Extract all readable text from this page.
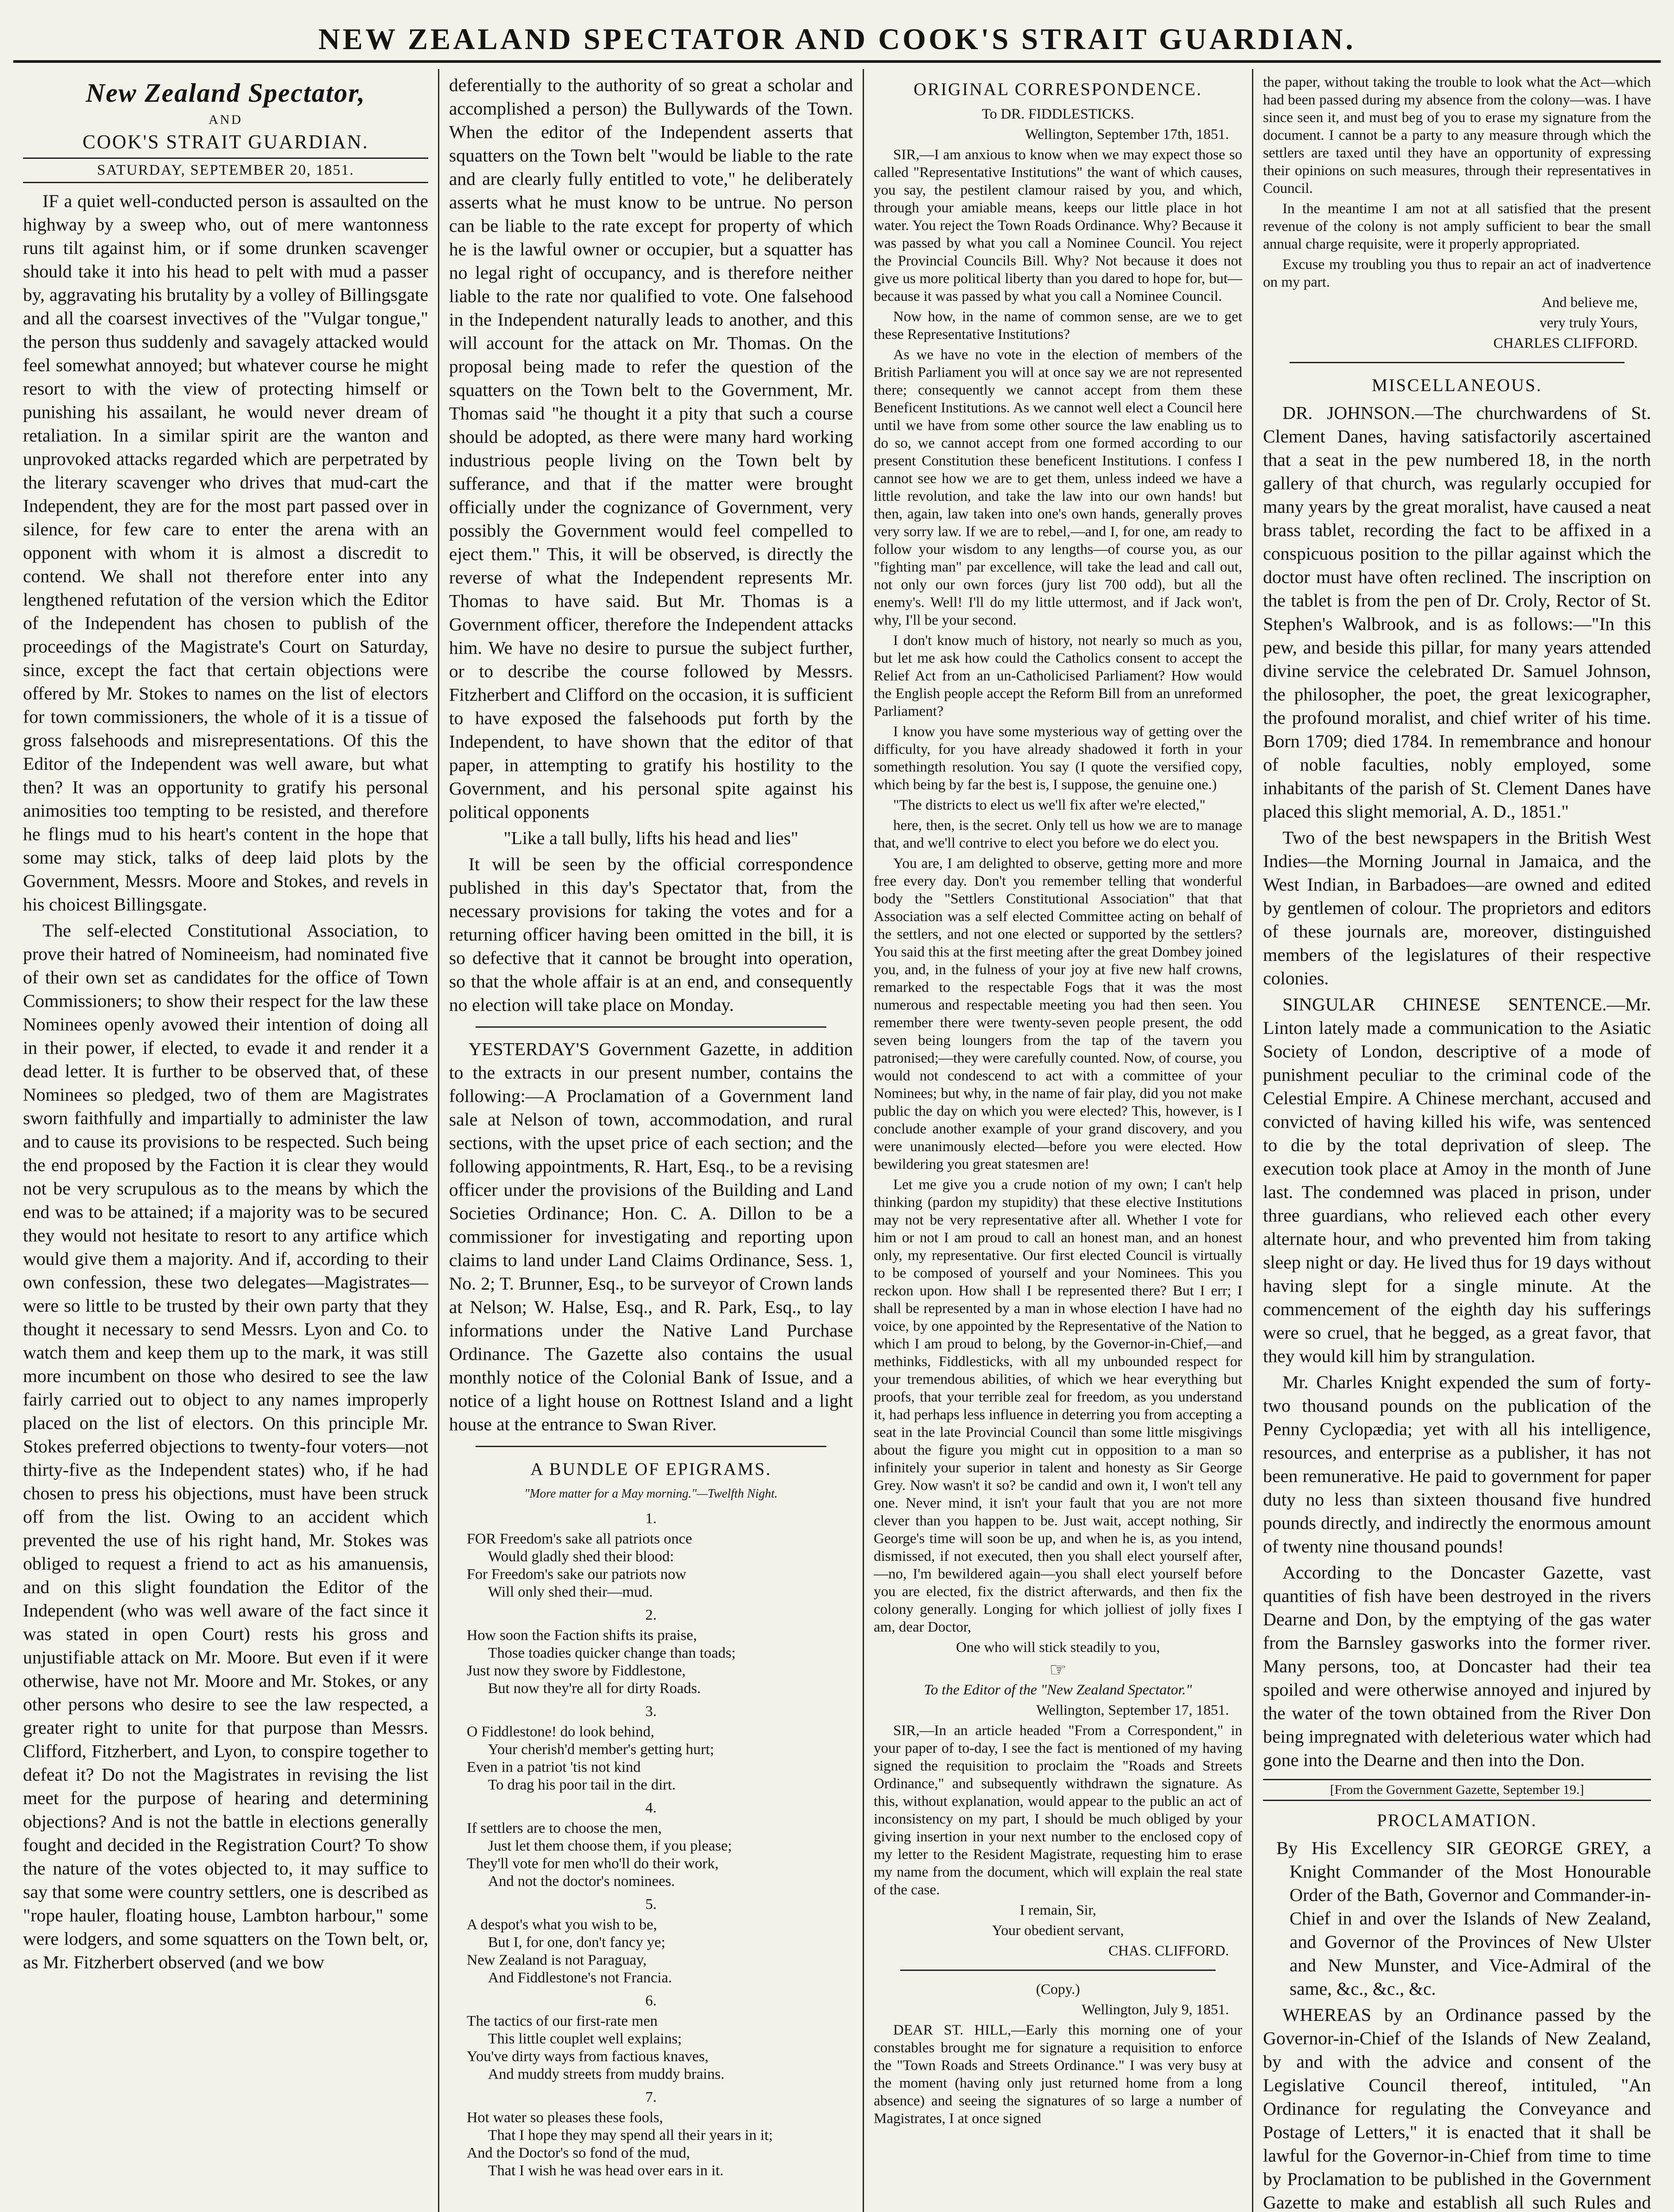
NEW ZEALAND SPECTATOR AND COOK'S STRAIT GUARDIAN.
New Zealand Spectator,
AND
COOK'S STRAIT GUARDIAN.
SATURDAY, SEPTEMBER 20, 1851.

IF a quiet well-conducted person is assaulted on the highway by a sweep who, out of mere wantonness runs tilt against him, or if some drunken scavenger should take it into his head to pelt with mud a passer by, aggravating his brutality by a volley of Billingsgate and all the coarsest invectives of the "Vulgar tongue," the person thus suddenly and savagely attacked would feel somewhat annoyed; but whatever course he might resort to with the view of protecting himself or punishing his assailant, he would never dream of retaliation. In a similar spirit are the wanton and unprovoked attacks regarded which are perpetrated by the literary scavenger who drives that mud-cart the Independent, they are for the most part passed over in silence, for few care to enter the arena with an opponent with whom it is almost a discredit to contend. We shall not therefore enter into any lengthened refutation of the version which the Editor of the Independent has chosen to publish of the proceedings of the Magistrate's Court on Saturday, since, except the fact that certain objections were offered by Mr. Stokes to names on the list of electors for town commissioners, the whole of it is a tissue of gross falsehoods and misrepresentations. Of this the Editor of the Independent was well aware, but what then? It was an opportunity to gratify his personal animosities too tempting to be resisted, and therefore he flings mud to his heart's content in the hope that some may stick, talks of deep laid plots by the Government, Messrs. Moore and Stokes, and revels in his choicest Billingsgate.

The self-elected Constitutional Association, to prove their hatred of Nomineeism, had nominated five of their own set as candidates for the office of Town Commissioners; to show their respect for the law these Nominees openly avowed their intention of doing all in their power, if elected, to evade it and render it a dead letter. It is further to be observed that, of these Nominees so pledged, two of them are Magistrates sworn faithfully and impartially to administer the law and to cause its provisions to be respected. Such being the end proposed by the Faction it is clear they would not be very scrupulous as to the means by which the end was to be attained; if a majority was to be secured they would not hesitate to resort to any artifice which would give them a majority. And if, according to their own confession, these two delegates—Magistrates—were so little to be trusted by their own party that they thought it necessary to send Messrs. Lyon and Co. to watch them and keep them up to the mark, it was still more incumbent on those who desired to see the law fairly carried out to object to any names improperly placed on the list of electors. On this principle Mr. Stokes preferred objections to twenty-four voters—not thirty-five as the Independent states) who, if he had chosen to press his objections, must have been struck off from the list. Owing to an accident which prevented the use of his right hand, Mr. Stokes was obliged to request a friend to act as his amanuensis, and on this slight foundation the Editor of the Independent (who was well aware of the fact since it was stated in open Court) rests his gross and unjustifiable attack on Mr. Moore. But even if it were otherwise, have not Mr. Moore and Mr. Stokes, or any other persons who desire to see the law respected, a greater right to unite for that purpose than Messrs. Clifford, Fitzherbert, and Lyon, to conspire together to defeat it? Do not the Magistrates in revising the list meet for the purpose of hearing and determining objections? And is not the battle in elections generally fought and decided in the Registration Court? To show the nature of the votes objected to, it may suffice to say that some were country settlers, one is described as "rope hauler, floating house, Lambton harbour," some were lodgers, and some squatters on the Town belt, or, as Mr. Fitzherbert observed (and we bow

deferentially to the authority of so great a scholar and accomplished a person) the Bullywards of the Town. When the editor of the Independent asserts that squatters on the Town belt "would be liable to the rate and are clearly fully entitled to vote," he deliberately asserts what he must know to be untrue. No person can be liable to the rate except for property of which he is the lawful owner or occupier, but a squatter has no legal right of occupancy, and is therefore neither liable to the rate nor qualified to vote. One falsehood in the Independent naturally leads to another, and this will account for the attack on Mr. Thomas. On the proposal being made to refer the question of the squatters on the Town belt to the Government, Mr. Thomas said "he thought it a pity that such a course should be adopted, as there were many hard working industrious people living on the Town belt by sufferance, and that if the matter were brought officially under the cognizance of Government, very possibly the Government would feel compelled to eject them." This, it will be observed, is directly the reverse of what the Independent represents Mr. Thomas to have said. But Mr. Thomas is a Government officer, therefore the Independent attacks him. We have no desire to pursue the subject further, or to describe the course followed by Messrs. Fitzherbert and Clifford on the occasion, it is sufficient to have exposed the falsehoods put forth by the Independent, to have shown that the editor of that paper, in attempting to gratify his hostility to the Government, and his personal spite against his political opponents

"Like a tall bully, lifts his head and lies"

It will be seen by the official correspondence published in this day's Spectator that, from the necessary provisions for taking the votes and for a returning officer having been omitted in the bill, it is so defective that it cannot be brought into operation, so that the whole affair is at an end, and consequently no election will take place on Monday.

YESTERDAY'S Government Gazette, in addition to the extracts in our present number, contains the following:—A Proclamation of a Government land sale at Nelson of town, accommodation, and rural sections, with the upset price of each section; and the following appointments, R. Hart, Esq., to be a revising officer under the provisions of the Building and Land Societies Ordinance; Hon. C. A. Dillon to be a commissioner for investigating and reporting upon claims to land under Land Claims Ordinance, Sess. 1, No. 2; T. Brunner, Esq., to be surveyor of Crown lands at Nelson; W. Halse, Esq., and R. Park, Esq., to lay informations under the Native Land Purchase Ordinance. The Gazette also contains the usual monthly notice of the Colonial Bank of Issue, and a notice of a light house on Rottnest Island and a light house at the entrance to Swan River.

A BUNDLE OF EPIGRAMS.
"More matter for a May morning."—Twelfth Night.
1.
FOR Freedom's sake all patriots once
Would gladly shed their blood:
For Freedom's sake our patriots now
Will only shed their—mud.
2.
How soon the Faction shifts its praise,
Those toadies quicker change than toads;
Just now they swore by Fiddlestone,
But now they're all for dirty Roads.
3.
O Fiddlestone! do look behind,
Your cherish'd member's getting hurt;
Even in a patriot 'tis not kind
To drag his poor tail in the dirt.
4.
If settlers are to choose the men,
Just let them choose them, if you please;
They'll vote for men who'll do their work,
And not the doctor's nominees.
5.
A despot's what you wish to be,
But I, for one, don't fancy ye;
New Zealand is not Paraguay,
And Fiddlestone's not Francia.
6.
The tactics of our first-rate men
This little couplet well explains;
You've dirty ways from factious knaves,
And muddy streets from muddy brains.
7.
Hot water so pleases these fools,
That I hope they may spend all their years in it;
And the Doctor's so fond of the mud,
That I wish he was head over ears in it.
ORIGINAL CORRESPONDENCE.

To DR. FIDDLESTICKS.

Wellington, September 17th, 1851.

SIR,—I am anxious to know when we may expect those so called "Representative Institutions" the want of which causes, you say, the pestilent clamour raised by you, and which, through your amiable means, keeps our little place in hot water. You reject the Town Roads Ordinance. Why? Because it was passed by what you call a Nominee Council. You reject the Provincial Councils Bill. Why? Not because it does not give us more political liberty than you dared to hope for, but—because it was passed by what you call a Nominee Council.

Now how, in the name of common sense, are we to get these Representative Institutions?

As we have no vote in the election of members of the British Parliament you will at once say we are not represented there; consequently we cannot accept from them these Beneficent Institutions. As we cannot well elect a Council here until we have from some other source the law enabling us to do so, we cannot accept from one formed according to our present Constitution these beneficent Institutions. I confess I cannot see how we are to get them, unless indeed we have a little revolution, and take the law into our own hands! but then, again, law taken into one's own hands, generally proves very sorry law. If we are to rebel,—and I, for one, am ready to follow your wisdom to any lengths—of course you, as our "fighting man" par excellence, will take the lead and call out, not only our own forces (jury list 700 odd), but all the enemy's. Well! I'll do my little uttermost, and if Jack won't, why, I'll be your second.

I don't know much of history, not nearly so much as you, but let me ask how could the Catholics consent to accept the Relief Act from an un-Catholicised Parliament? How would the English people accept the Reform Bill from an unreformed Parliament?

I know you have some mysterious way of getting over the difficulty, for you have already shadowed it forth in your somethingth resolution. You say (I quote the versified copy, which being by far the best is, I suppose, the genuine one.)

"The districts to elect us we'll fix after we're elected,"

here, then, is the secret. Only tell us how we are to manage that, and we'll contrive to elect you before we do elect you.

You are, I am delighted to observe, getting more and more free every day. Don't you remember telling that wonderful body the "Settlers Constitutional Association" that that Association was a self elected Committee acting on behalf of the settlers, and not one elected or supported by the settlers? You said this at the first meeting after the great Dombey joined you, and, in the fulness of your joy at five new half crowns, remarked to the respectable Fogs that it was the most numerous and respectable meeting you had then seen. You remember there were twenty-seven people present, the odd seven being loungers from the tap of the tavern you patronised;—they were carefully counted. Now, of course, you would not condescend to act with a committee of your Nominees; but why, in the name of fair play, did you not make public the day on which you were elected? This, however, is I conclude another example of your grand discovery, and you were unanimously elected—before you were elected. How bewildering you great statesmen are!

Let me give you a crude notion of my own; I can't help thinking (pardon my stupidity) that these elective Institutions may not be very representative after all. Whether I vote for him or not I am proud to call an honest man, and an honest only, my representative. Our first elected Council is virtually to be composed of yourself and your Nominees. This you reckon upon. How shall I be represented there? But I err; I shall be represented by a man in whose election I have had no voice, by one appointed by the Representative of the Nation to which I am proud to belong, by the Governor-in-Chief,—and methinks, Fiddlesticks, with all my unbounded respect for your tremendous abilities, of which we hear everything but proofs, that your terrible zeal for freedom, as you understand it, had perhaps less influence in deterring you from accepting a seat in the late Provincial Council than some little misgivings about the figure you might cut in opposition to a man so infinitely your superior in talent and honesty as Sir George Grey. Now wasn't it so? be candid and own it, I won't tell any one. Never mind, it isn't your fault that you are not more clever than you happen to be. Just wait, accept nothing, Sir George's time will soon be up, and when he is, as you intend, dismissed, if not executed, then you shall elect yourself after,—no, I'm bewildered again—you shall elect yourself before you are elected, fix the district afterwards, and then fix the colony generally. Longing for which jolliest of jolly fixes I am, dear Doctor,

One who will stick steadily to you,

☞

To the Editor of the "New Zealand Spectator."

Wellington, September 17, 1851.

SIR,—In an article headed "From a Correspondent," in your paper of to-day, I see the fact is mentioned of my having signed the requisition to proclaim the "Roads and Streets Ordinance," and subsequently withdrawn the signature. As this, without explanation, would appear to the public an act of inconsistency on my part, I should be much obliged by your giving insertion in your next number to the enclosed copy of my letter to the Resident Magistrate, requesting him to erase my name from the document, which will explain the real state of the case.

I remain, Sir,

Your obedient servant,

CHAS. CLIFFORD.

(Copy.)

Wellington, July 9, 1851.

DEAR ST. HILL,—Early this morning one of your constables brought me for signature a requisition to enforce the "Town Roads and Streets Ordinance." I was very busy at the moment (having only just returned home from a long absence) and seeing the signatures of so large a number of Magistrates, I at once signed

the paper, without taking the trouble to look what the Act—which had been passed during my absence from the colony—was. I have since seen it, and must beg of you to erase my signature from the document. I cannot be a party to any measure through which the settlers are taxed until they have an opportunity of expressing their opinions on such measures, through their representatives in Council.

In the meantime I am not at all satisfied that the present revenue of the colony is not amply sufficient to bear the small annual charge requisite, were it properly appropriated.

Excuse my troubling you thus to repair an act of inadvertence on my part.

And believe me,

very truly Yours,

CHARLES CLIFFORD.

MISCELLANEOUS.

DR. JOHNSON.—The churchwardens of St. Clement Danes, having satisfactorily ascertained that a seat in the pew numbered 18, in the north gallery of that church, was regularly occupied for many years by the great moralist, have caused a neat brass tablet, recording the fact to be affixed in a conspicuous position to the pillar against which the doctor must have often reclined. The inscription on the tablet is from the pen of Dr. Croly, Rector of St. Stephen's Walbrook, and is as follows:—"In this pew, and beside this pillar, for many years attended divine service the celebrated Dr. Samuel Johnson, the philosopher, the poet, the great lexicographer, the profound moralist, and chief writer of his time. Born 1709; died 1784. In remembrance and honour of noble faculties, nobly employed, some inhabitants of the parish of St. Clement Danes have placed this slight memorial, A. D., 1851."

Two of the best newspapers in the British West Indies—the Morning Journal in Jamaica, and the West Indian, in Barbadoes—are owned and edited by gentlemen of colour. The proprietors and editors of these journals are, moreover, distinguished members of the legislatures of their respective colonies.

SINGULAR CHINESE SENTENCE.—Mr. Linton lately made a communication to the Asiatic Society of London, descriptive of a mode of punishment peculiar to the criminal code of the Celestial Empire. A Chinese merchant, accused and convicted of having killed his wife, was sentenced to die by the total deprivation of sleep. The execution took place at Amoy in the month of June last. The condemned was placed in prison, under three guardians, who relieved each other every alternate hour, and who prevented him from taking sleep night or day. He lived thus for 19 days without having slept for a single minute. At the commencement of the eighth day his sufferings were so cruel, that he begged, as a great favor, that they would kill him by strangulation.

Mr. Charles Knight expended the sum of forty-two thousand pounds on the publication of the Penny Cyclopædia; yet with all his intelligence, resources, and enterprise as a publisher, it has not been remunerative. He paid to government for paper duty no less than sixteen thousand five hundred pounds directly, and indirectly the enormous amount of twenty nine thousand pounds!

According to the Doncaster Gazette, vast quantities of fish have been destroyed in the rivers Dearne and Don, by the emptying of the gas water from the Barnsley gasworks into the former river. Many persons, too, at Doncaster had their tea spoiled and were otherwise annoyed and injured by the water of the town obtained from the River Don being impregnated with deleterious water which had gone into the Dearne and then into the Don.

[From the Government Gazette, September 19.]
PROCLAMATION.

By His Excellency SIR GEORGE GREY, a Knight Commander of the Most Honourable Order of the Bath, Governor and Commander-in-Chief in and over the Islands of New Zealand, and Governor of the Provinces of New Ulster and New Munster, and Vice-Admiral of the same, &c., &c., &c.

WHEREAS by an Ordinance passed by the Governor-in-Chief of the Islands of New Zealand, by and with the advice and consent of the Legislative Council thereof, intituled, "An Ordinance for regulating the Conveyance and Postage of Letters," it is enacted that it shall be lawful for the Governor-in-Chief from time to time by Proclamation to be published in the Government Gazette to make and establish all such Rules and
